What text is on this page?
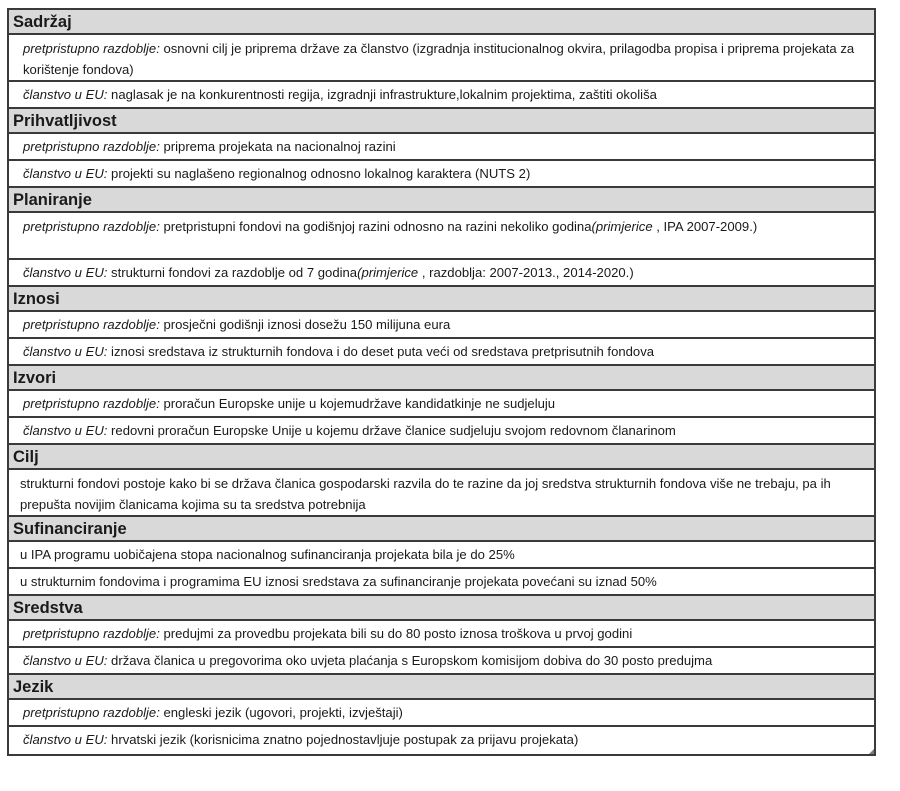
Sadržaj
pretpristupno razdoblje: osnovni cilj je priprema države za članstvo (izgradnja institucionalnog okvira, prilagodba propisa i priprema projekata za korištenje fondova)
članstvo u EU: naglasak je na konkurentnosti regija, izgradnji infrastrukture,lokalnim projektima, zaštiti okoliša
Prihvatljivost
pretpristupno razdoblje: priprema projekata na nacionalnoj razini
članstvo u EU: projekti su naglašeno regionalnog odnosno lokalnog karaktera (NUTS 2)
Planiranje
pretpristupno razdoblje: pretpristupni fondovi na godišnjoj razini odnosno na razini nekoliko godina(primjerice , IPA 2007-2009.)
članstvo u EU: strukturni fondovi za razdoblje od 7 godina(primjerice , razdoblja: 2007-2013., 2014-2020.)
Iznosi
pretpristupno razdoblje: prosječni godišnji iznosi dosežu 150 milijuna eura
članstvo u EU: iznosi sredstava iz strukturnih fondova i do deset puta veći od sredstava pretprisutnih fondova
Izvori
pretpristupno razdoblje: proračun Europske unije u kojemudržave kandidatkinje ne sudjeluju
članstvo u EU: redovni proračun Europske Unije u kojemu države članice sudjeluju svojom redovnom članarinom
Cilj
strukturni fondovi postoje kako bi se država članica gospodarski razvila do te razine da joj sredstva strukturnih fondova više ne trebaju, pa ih prepušta novijim članicama kojima su ta sredstva potrebnija
Sufinanciranje
u IPA programu uobičajena stopa nacionalnog sufinanciranja projekata bila je do 25%
u strukturnim fondovima i programima EU iznosi sredstava za sufinanciranje projekata povećani su iznad 50%
Sredstva
pretpristupno razdoblje: predujmi za provedbu projekata bili su do 80 posto iznosa troškova u prvoj godini
članstvo u EU: država članica u pregovorima oko uvjeta plaćanja s Europskom komisijom dobiva do 30 posto predujma
Jezik
pretpristupno razdoblje: engleski jezik (ugovori, projekti, izvještaji)
članstvo u EU: hrvatski jezik (korisnicima znatno pojednostavljuje postupak za prijavu projekata)
